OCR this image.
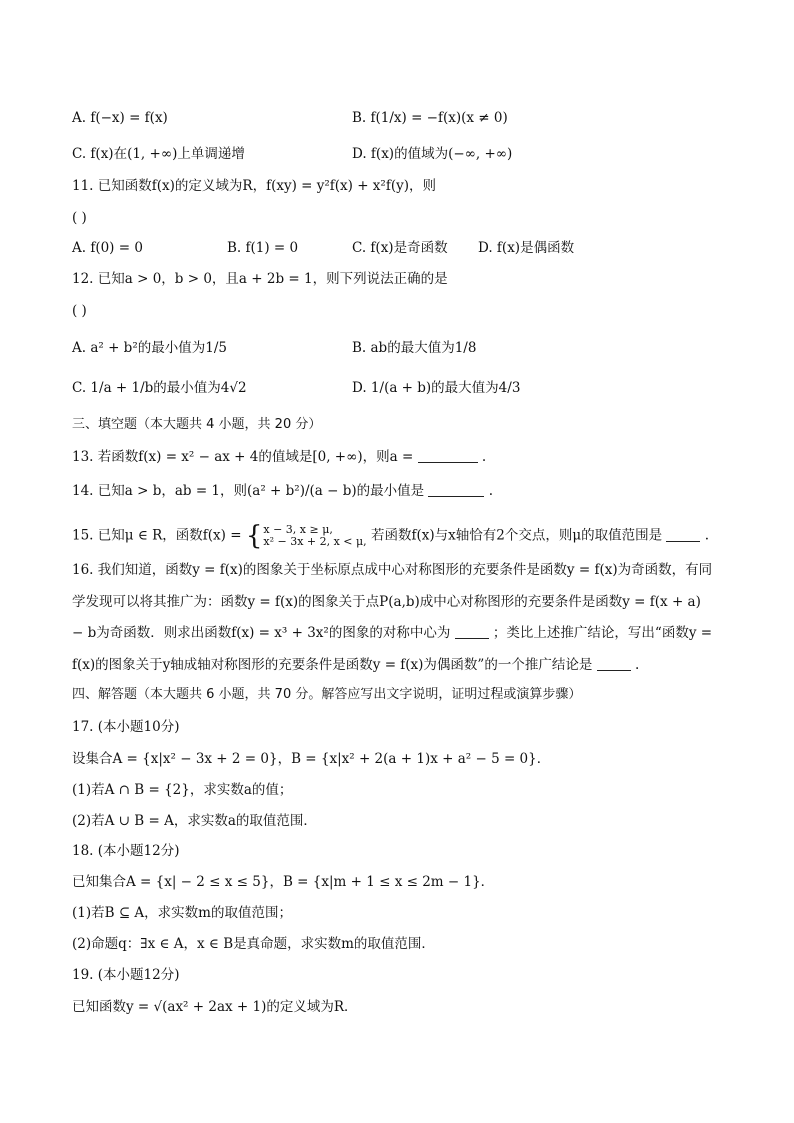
A. f(−x) = f(x)	B. f(1/x) = −f(x)(x ≠ 0)
C. f(x)在(1, +∞)上单调递增	D. f(x)的值域为(−∞, +∞)
11. 已知函数f(x)的定义域为R，f(xy) = y²f(x) + x²f(y)，则
( )
A. f(0) = 0	B. f(1) = 0	C. f(x)是奇函数 D. f(x)是偶函数
12. 已知a > 0，b > 0，且a + 2b = 1，则下列说法正确的是
( )
A. a² + b²的最小值为1/5	B. ab的最大值为1/8
C. 1/a + 1/b的最小值为4√2	D. 1/(a + b)的最大值为4/3
三、填空题（本大题共 4 小题，共 20 分）
13. 若函数f(x) = x² − ax + 4的值域是[0, +∞)，则a =	.
14. 已知a > b，ab = 1，则(a² + b²)/(a − b)的最小值是	.
15. 已知μ ∈ R，函数f(x) = { x − 3, x ≥ μ,
x² − 3x + 2, x < μ, 若函数f(x)与x轴恰有2个交点，则μ的取值范围是	.
16. 我们知道，函数y = f(x)的图象关于坐标原点成中心对称图形的充要条件是函数y = f(x)为奇函数，有同
学发现可以将其推广为：函数y = f(x)的图象关于点P(a,b)成中心对称图形的充要条件是函数y = f(x + a)
− b为奇函数．则求出函数f(x) = x³ + 3x²的图象的对称中心为	；类比上述推广结论，写出“函数y =
f(x)的图象关于y轴成轴对称图形的充要条件是函数y = f(x)为偶函数”的一个推广结论是	.
四、解答题（本大题共 6 小题，共 70 分。解答应写出文字说明，证明过程或演算步骤）
17. (本小题10分)
设集合A = {x|x² − 3x + 2 = 0}，B = {x|x² + 2(a + 1)x + a² − 5 = 0}．
(1)若A ∩ B = {2}，求实数a的值；
(2)若A ∪ B = A，求实数a的取值范围．
18. (本小题12分)
已知集合A = {x| − 2 ≤ x ≤ 5}，B = {x|m + 1 ≤ x ≤ 2m − 1}．
(1)若B ⊆ A，求实数m的取值范围；
(2)命题q：∃x ∈ A，x ∈ B是真命题，求实数m的取值范围．
19. (本小题12分)
已知函数y = √(ax² + 2ax + 1)的定义域为R．
